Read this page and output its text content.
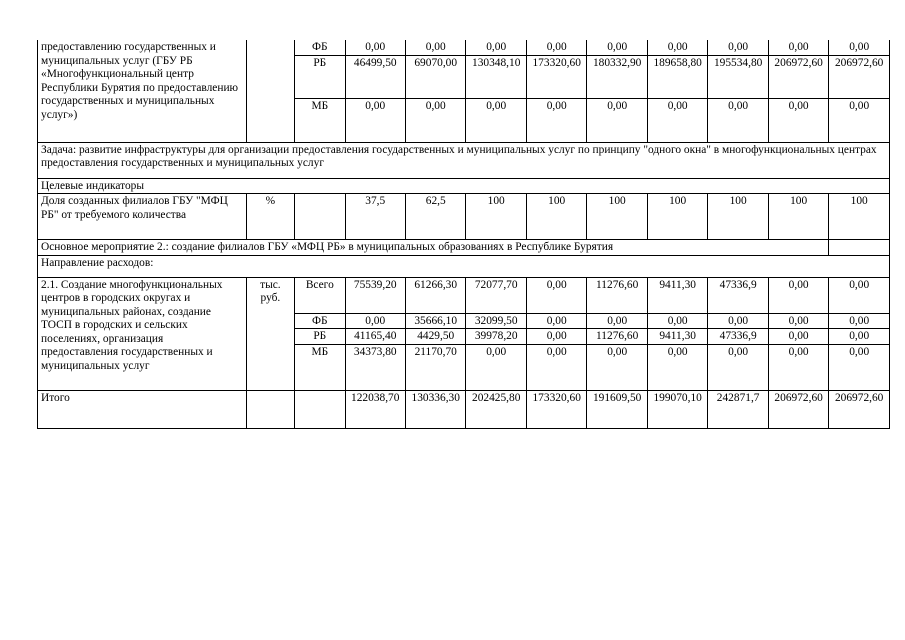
предоставлению государственных и муниципальных услуг (ГБУ РБ «Многофункциональный центр Республики Бурятия по предоставлению государственных и муниципальных услуг»)		ФБ	0,00	0,00	0,00	0,00	0,00	0,00	0,00	0,00	0,00
		РБ	46499,50	69070,00	130348,10	173320,60	180332,90	189658,80	195534,80	206972,60	206972,60
		МБ	0,00	0,00	0,00	0,00	0,00	0,00	0,00	0,00	0,00
Задача: развитие инфраструктуры для организации предоставления государственных и муниципальных услуг по принципу "одного окна" в многофункциональных центрах предоставления государственных и муниципальных услуг											
Целевые индикаторы											
Доля созданных филиалов ГБУ "МФЦ РБ" от требуемого количества	%		37,5	62,5	100	100	100	100	100	100	100
Основное мероприятие 2.: создание филиалов ГБУ «МФЦ РБ» в муниципальных образованиях в Республике Бурятия											
Направление расходов:											
2.1. Создание многофункциональных центров в городских округах и муниципальных районах, создание ТОСП в городских и сельских поселениях, организация предоставления государственных и муниципальных услуг	тыс. руб.	Всего	75539,20	61266,30	72077,70	0,00	11276,60	9411,30	47336,9	0,00	0,00
		ФБ	0,00	35666,10	32099,50	0,00	0,00	0,00	0,00	0,00	0,00
		РБ	41165,40	4429,50	39978,20	0,00	11276,60	9411,30	47336,9	0,00	0,00
		МБ	34373,80	21170,70	0,00	0,00	0,00	0,00	0,00	0,00	0,00
Итого			122038,70	130336,30	202425,80	173320,60	191609,50	199070,10	242871,7	206972,60	206972,60
